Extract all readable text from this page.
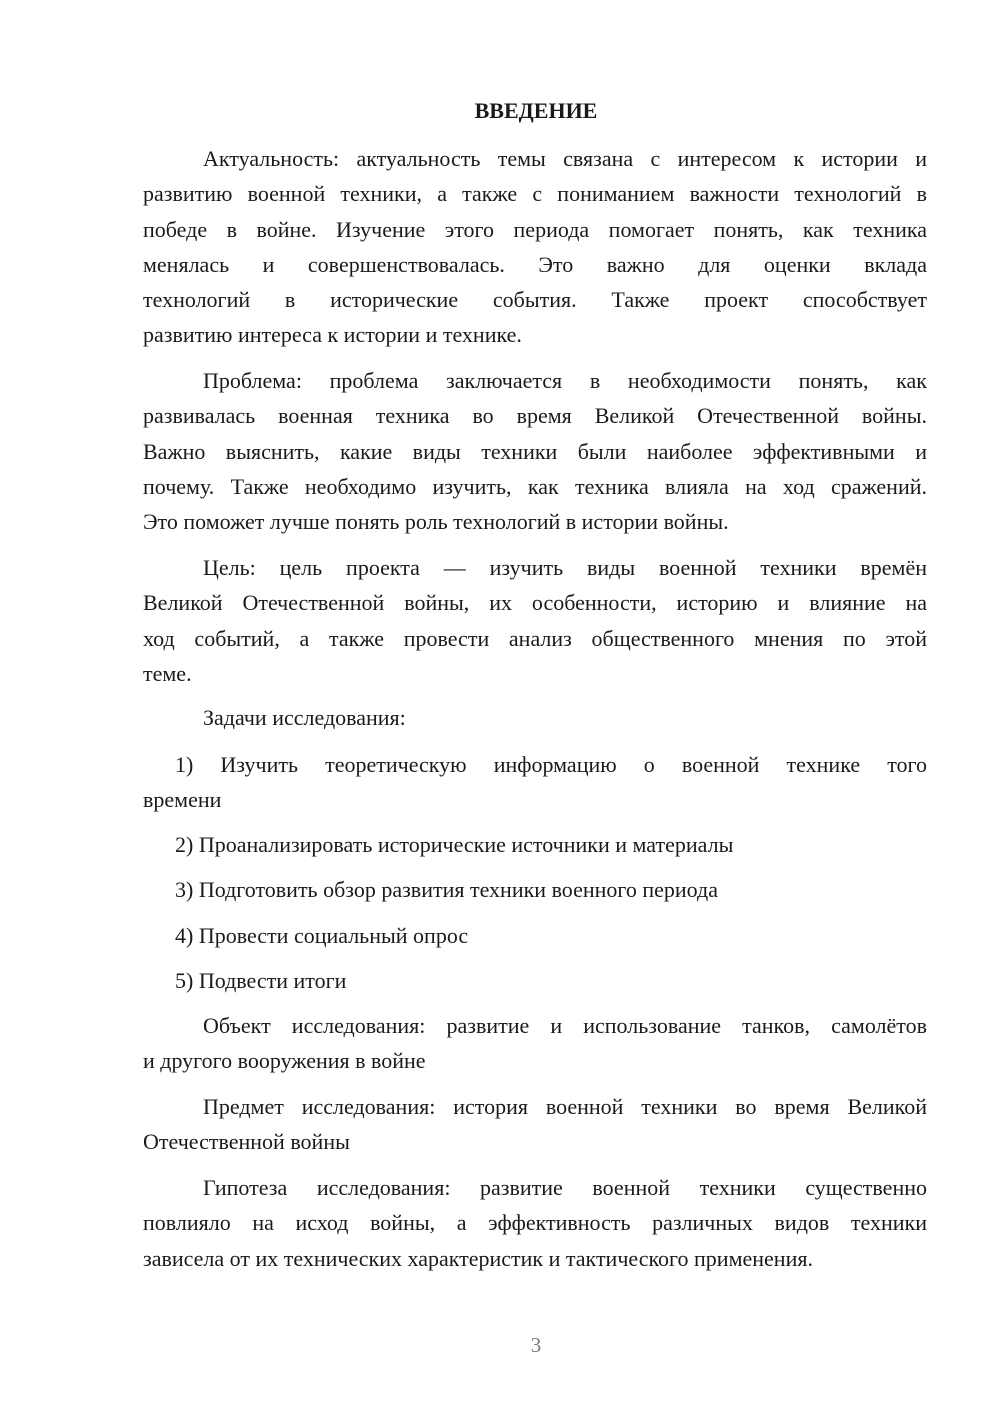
ВВЕДЕНИЕ
Актуальность: актуальность темы связана с интересом к истории и
развитию военной техники, а также с пониманием важности технологий в
победе в войне. Изучение этого периода помогает понять, как техника
менялась и совершенствовалась. Это важно для оценки вклада
технологий в исторические события. Также проект способствует
развитию интереса к истории и технике.
Проблема: проблема заключается в необходимости понять, как
развивалась военная техника во время Великой Отечественной войны.
Важно выяснить, какие виды техники были наиболее эффективными и
почему. Также необходимо изучить, как техника влияла на ход сражений.
Это поможет лучше понять роль технологий в истории войны.
Цель: цель проекта — изучить виды военной техники времён
Великой Отечественной войны, их особенности, историю и влияние на
ход событий, а также провести анализ общественного мнения по этой
теме.
Задачи исследования:
1) Изучить теоретическую информацию о военной технике того
времени
2) Проанализировать исторические источники и материалы
3) Подготовить обзор развития техники военного периода
4) Провести социальный опрос
5) Подвести итоги
Объект исследования: развитие и использование танков, самолётов
и другого вооружения в войне
Предмет исследования: история военной техники во время Великой
Отечественной войны
Гипотеза исследования: развитие военной техники существенно
повлияло на исход войны, а эффективность различных видов техники
зависела от их технических характеристик и тактического применения.
3
